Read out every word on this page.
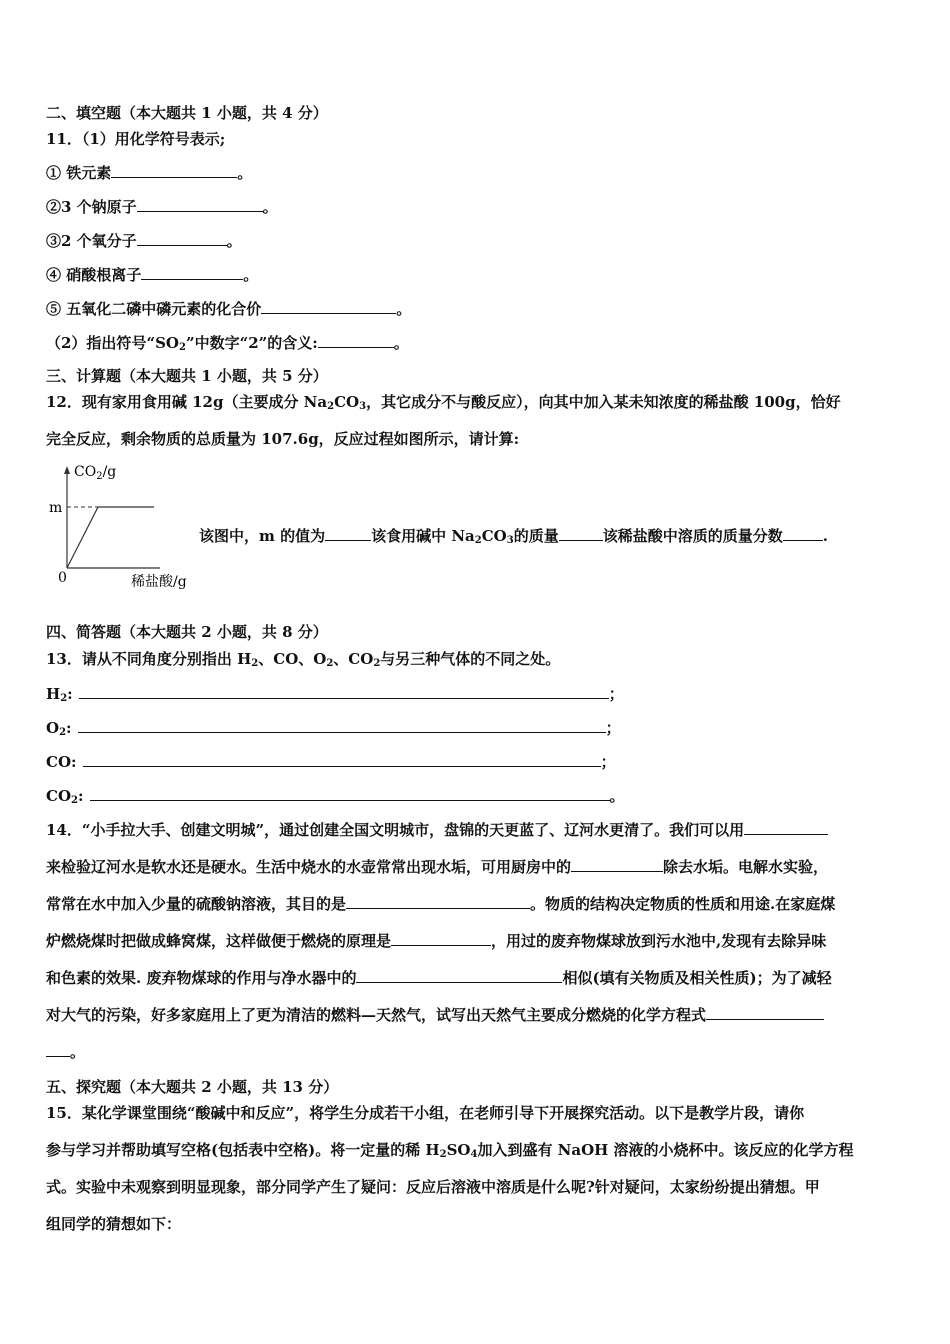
二、填空题（本大题共 1 小题，共 4 分）
11．（1）用化学符号表示;
① 铁元素	。
②3 个钠原子	。
③2 个氧分子	。
④ 硝酸根离子	。
⑤ 五氧化二磷中磷元素的化合价	。
（2）指出符号“$SO_2$”中数字“2”的含义:	。
三、计算题（本大题共 1 小题，共 5 分）
12．现有家用食用碱 12g（主要成分 $Na_2CO_3$，其它成分不与酸反应），向其中加入某未知浓度的稀盐酸 100g，恰好
完全反应，剩余物质的总质量为 107.6g，反应过程如图所示，请计算:
$CO_2/g$
m
0	稀盐酸/g
该图中，m 的值为	该食用碱中 $Na_2CO_3$的质量	该稀盐酸中溶质的质量分数	.
四、简答题（本大题共 2 小题，共 8 分）
13．请从不同角度分别指出 $H_2$、CO、$O_2$、$CO_2$与另三种气体的不同之处。
$H_2$:	；
$O_2$:	；
CO:	；
$CO_2$:	。
14．“小手拉大手、创建文明城”，通过创建全国文明城市，盘锦的天更蓝了、辽河水更清了。我们可以用
来检验辽河水是软水还是硬水。生活中烧水的水壶常常出现水垢，可用厨房中的	除去水垢。电解水实验，
常常在水中加入少量的硫酸钠溶液，其目的是	。物质的结构决定物质的性质和用途.在家庭煤
炉燃烧煤时把做成蜂窝煤，这样做便于燃烧的原理是	，用过的废弃物煤球放到污水池中,发现有去除异味
和色素的效果. 废弃物煤球的作用与净水器中的	相似(填有关物质及相关性质)；为了减轻
对大气的污染，好多家庭用上了更为清洁的燃料—天然气，试写出天然气主要成分燃烧的化学方程式
。
五、探究题（本大题共 2 小题，共 13 分）
15．某化学课堂围绕“酸碱中和反应”，将学生分成若干小组，在老师引导下开展探究活动。以下是教学片段，请你
参与学习并帮助填写空格(包括表中空格)。将一定量的稀 $H_2SO_4$加入到盛有 NaOH 溶液的小烧杯中。该反应的化学方程
式。实验中未观察到明显现象，部分同学产生了疑问：反应后溶液中溶质是什么呢?针对疑问，太家纷纷提出猜想。甲
组同学的猜想如下：
